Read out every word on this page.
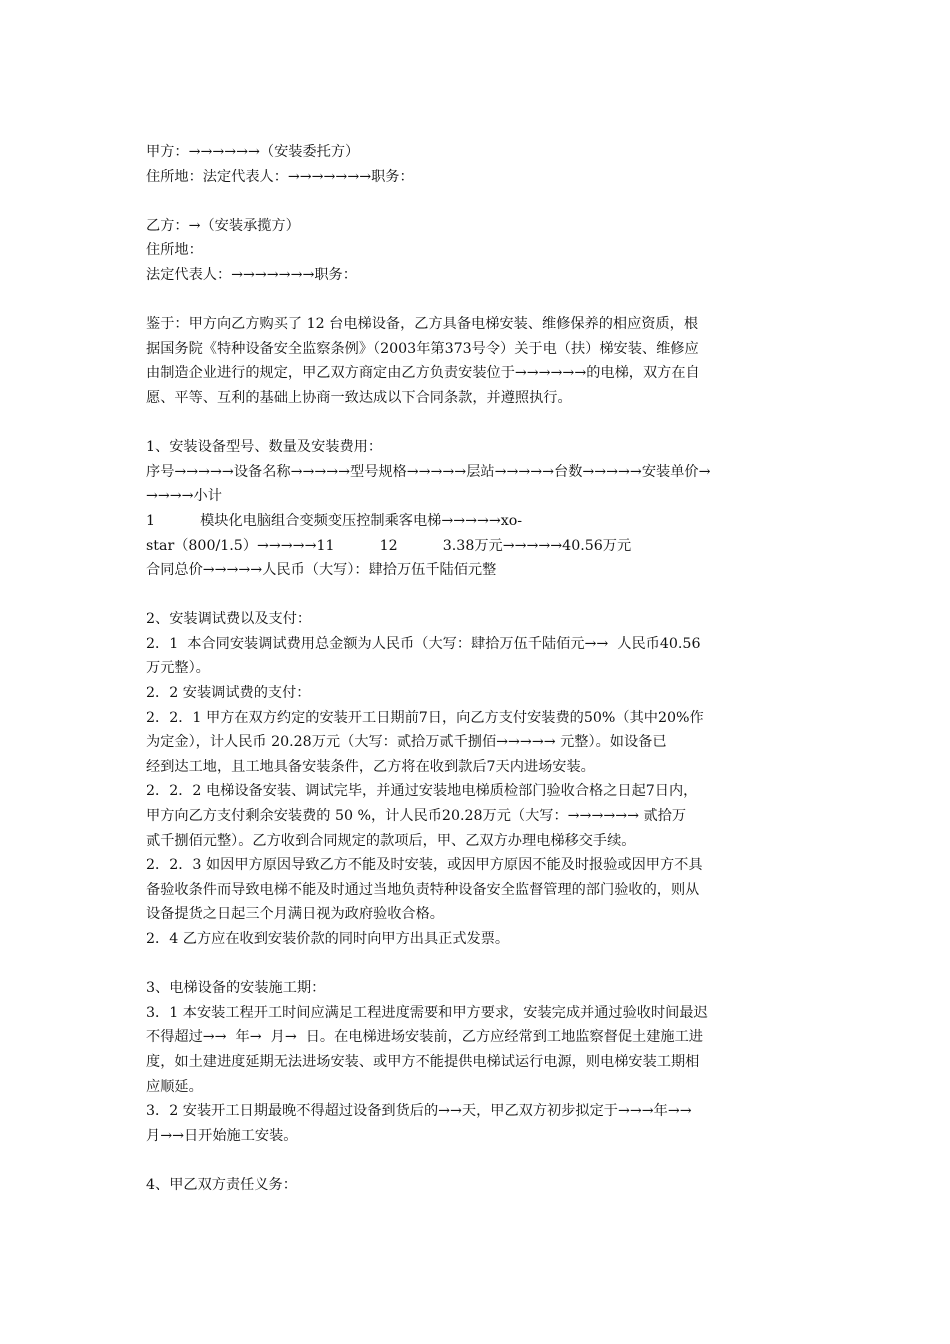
甲方：→→→→→→（安装委托方）
住所地：法定代表人：→→→→→→→职务：
乙方：→（安装承揽方）
住所地：
法定代表人：→→→→→→→职务：
鉴于：甲方向乙方购买了 12 台电梯设备，乙方具备电梯安装、维修保养的相应资质，根
据国务院《特种设备安全监察条例》（2003年第373号令）关于电（扶）梯安装、维修应
由制造企业进行的规定，甲乙双方商定由乙方负责安装位于→→→→→→的电梯，双方在自
愿、平等、互利的基础上协商一致达成以下合同条款，并遵照执行。
1、安装设备型号、数量及安装费用：
序号→→→→→设备名称→→→→→型号规格→→→→→层站→→→→→台数→→→→→安装单价→
→→→→小计
1          模块化电脑组合变频变压控制乘客电梯→→→→→xo-
star（800/1.5）→→→→→11          12          3.38万元→→→→→40.56万元
合同总价→→→→→人民币（大写）：肆拾万伍千陆佰元整
2、安装调试费以及支付：
2．1  本合同安装调试费用总金额为人民币（大写：肆拾万伍千陆佰元→→  人民币40.56
万元整）。
2．2 安装调试费的支付：
2．2．1 甲方在双方约定的安装开工日期前7日，向乙方支付安装费的50%（其中20%作
为定金），计人民币 20.28万元（大写：贰拾万贰千捌佰→→→→→ 元整）。如设备已
经到达工地，且工地具备安装条件，乙方将在收到款后7天内进场安装。
2．2．2 电梯设备安装、调试完毕，并通过安装地电梯质检部门验收合格之日起7日内，
甲方向乙方支付剩余安装费的 50 %，计人民币20.28万元（大写：→→→→→→ 贰拾万
贰千捌佰元整）。乙方收到合同规定的款项后，甲、乙双方办理电梯移交手续。
2．2．3 如因甲方原因导致乙方不能及时安装，或因甲方原因不能及时报验或因甲方不具
备验收条件而导致电梯不能及时通过当地负责特种设备安全监督管理的部门验收的，则从
设备提货之日起三个月满日视为政府验收合格。
2．4 乙方应在收到安装价款的同时向甲方出具正式发票。
3、电梯设备的安装施工期：
3．1 本安装工程开工时间应满足工程进度需要和甲方要求，安装完成并通过验收时间最迟
不得超过→→  年→  月→  日。在电梯进场安装前，乙方应经常到工地监察督促土建施工进
度，如土建进度延期无法进场安装、或甲方不能提供电梯试运行电源，则电梯安装工期相
应顺延。
3．2 安装开工日期最晚不得超过设备到货后的→→天，甲乙双方初步拟定于→→→年→→
月→→日开始施工安装。
4、甲乙双方责任义务：
